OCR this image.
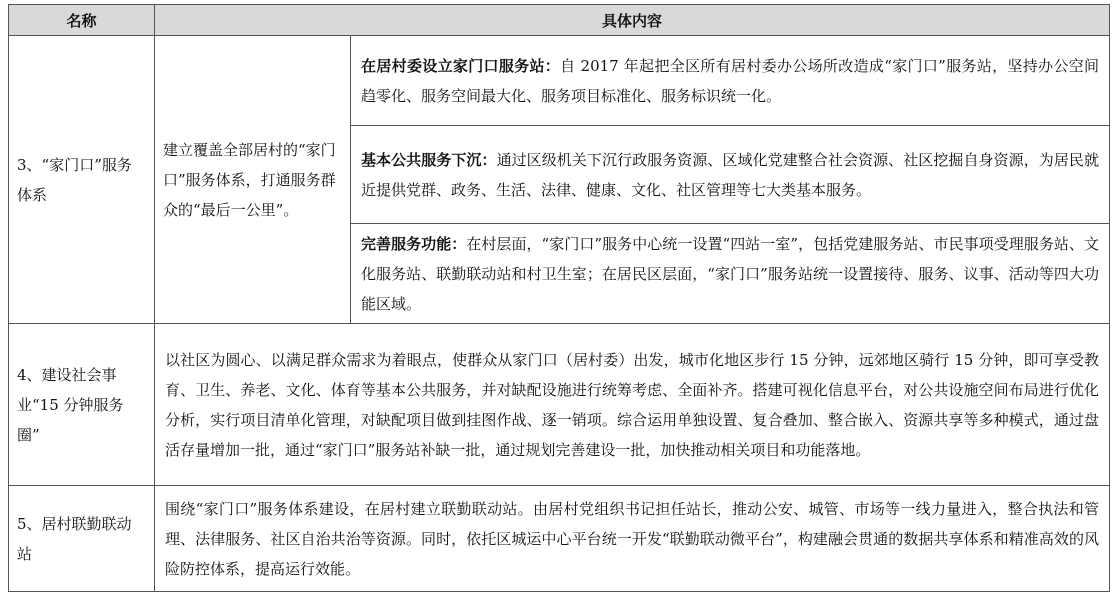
名称	具体内容	
3、“家门口”服务体系	建立覆盖全部居村的“家门口”服务体系，打通服务群众的“最后一公里”。	在居村委设立家门口服务站：自 2017 年起把全区所有居村委办公场所改造成“家门口”服务站，坚持办公空间趋零化、服务空间最大化、服务项目标准化、服务标识统一化。
		基本公共服务下沉：通过区级机关下沉行政服务资源、区域化党建整合社会资源、社区挖掘自身资源，为居民就近提供党群、政务、生活、法律、健康、文化、社区管理等七大类基本服务。
		完善服务功能：在村层面，“家门口”服务中心统一设置“四站一室”，包括党建服务站、市民事项受理服务站、文化服务站、联勤联动站和村卫生室；在居民区层面，“家门口”服务站统一设置接待、服务、议事、活动等四大功能区域。
4、建设社会事业“15 分钟服务圈”	以社区为圆心、以满足群众需求为着眼点，使群众从家门口（居村委）出发，城市化地区步行 15 分钟，远郊地区骑行 15 分钟，即可享受教育、卫生、养老、文化、体育等基本公共服务，并对缺配设施进行统筹考虑、全面补齐。搭建可视化信息平台，对公共设施空间布局进行优化分析，实行项目清单化管理，对缺配项目做到挂图作战、逐一销项。综合运用单独设置、复合叠加、整合嵌入、资源共享等多种模式，通过盘活存量增加一批，通过“家门口”服务站补缺一批，通过规划完善建设一批，加快推动相关项目和功能落地。	
5、居村联勤联动站	围绕“家门口”服务体系建设，在居村建立联勤联动站。由居村党组织书记担任站长，推动公安、城管、市场等一线力量进入，整合执法和管理、法律服务、社区自治共治等资源。同时，依托区城运中心平台统一开发“联勤联动微平台”，构建融会贯通的数据共享体系和精准高效的风险防控体系，提高运行效能。	
